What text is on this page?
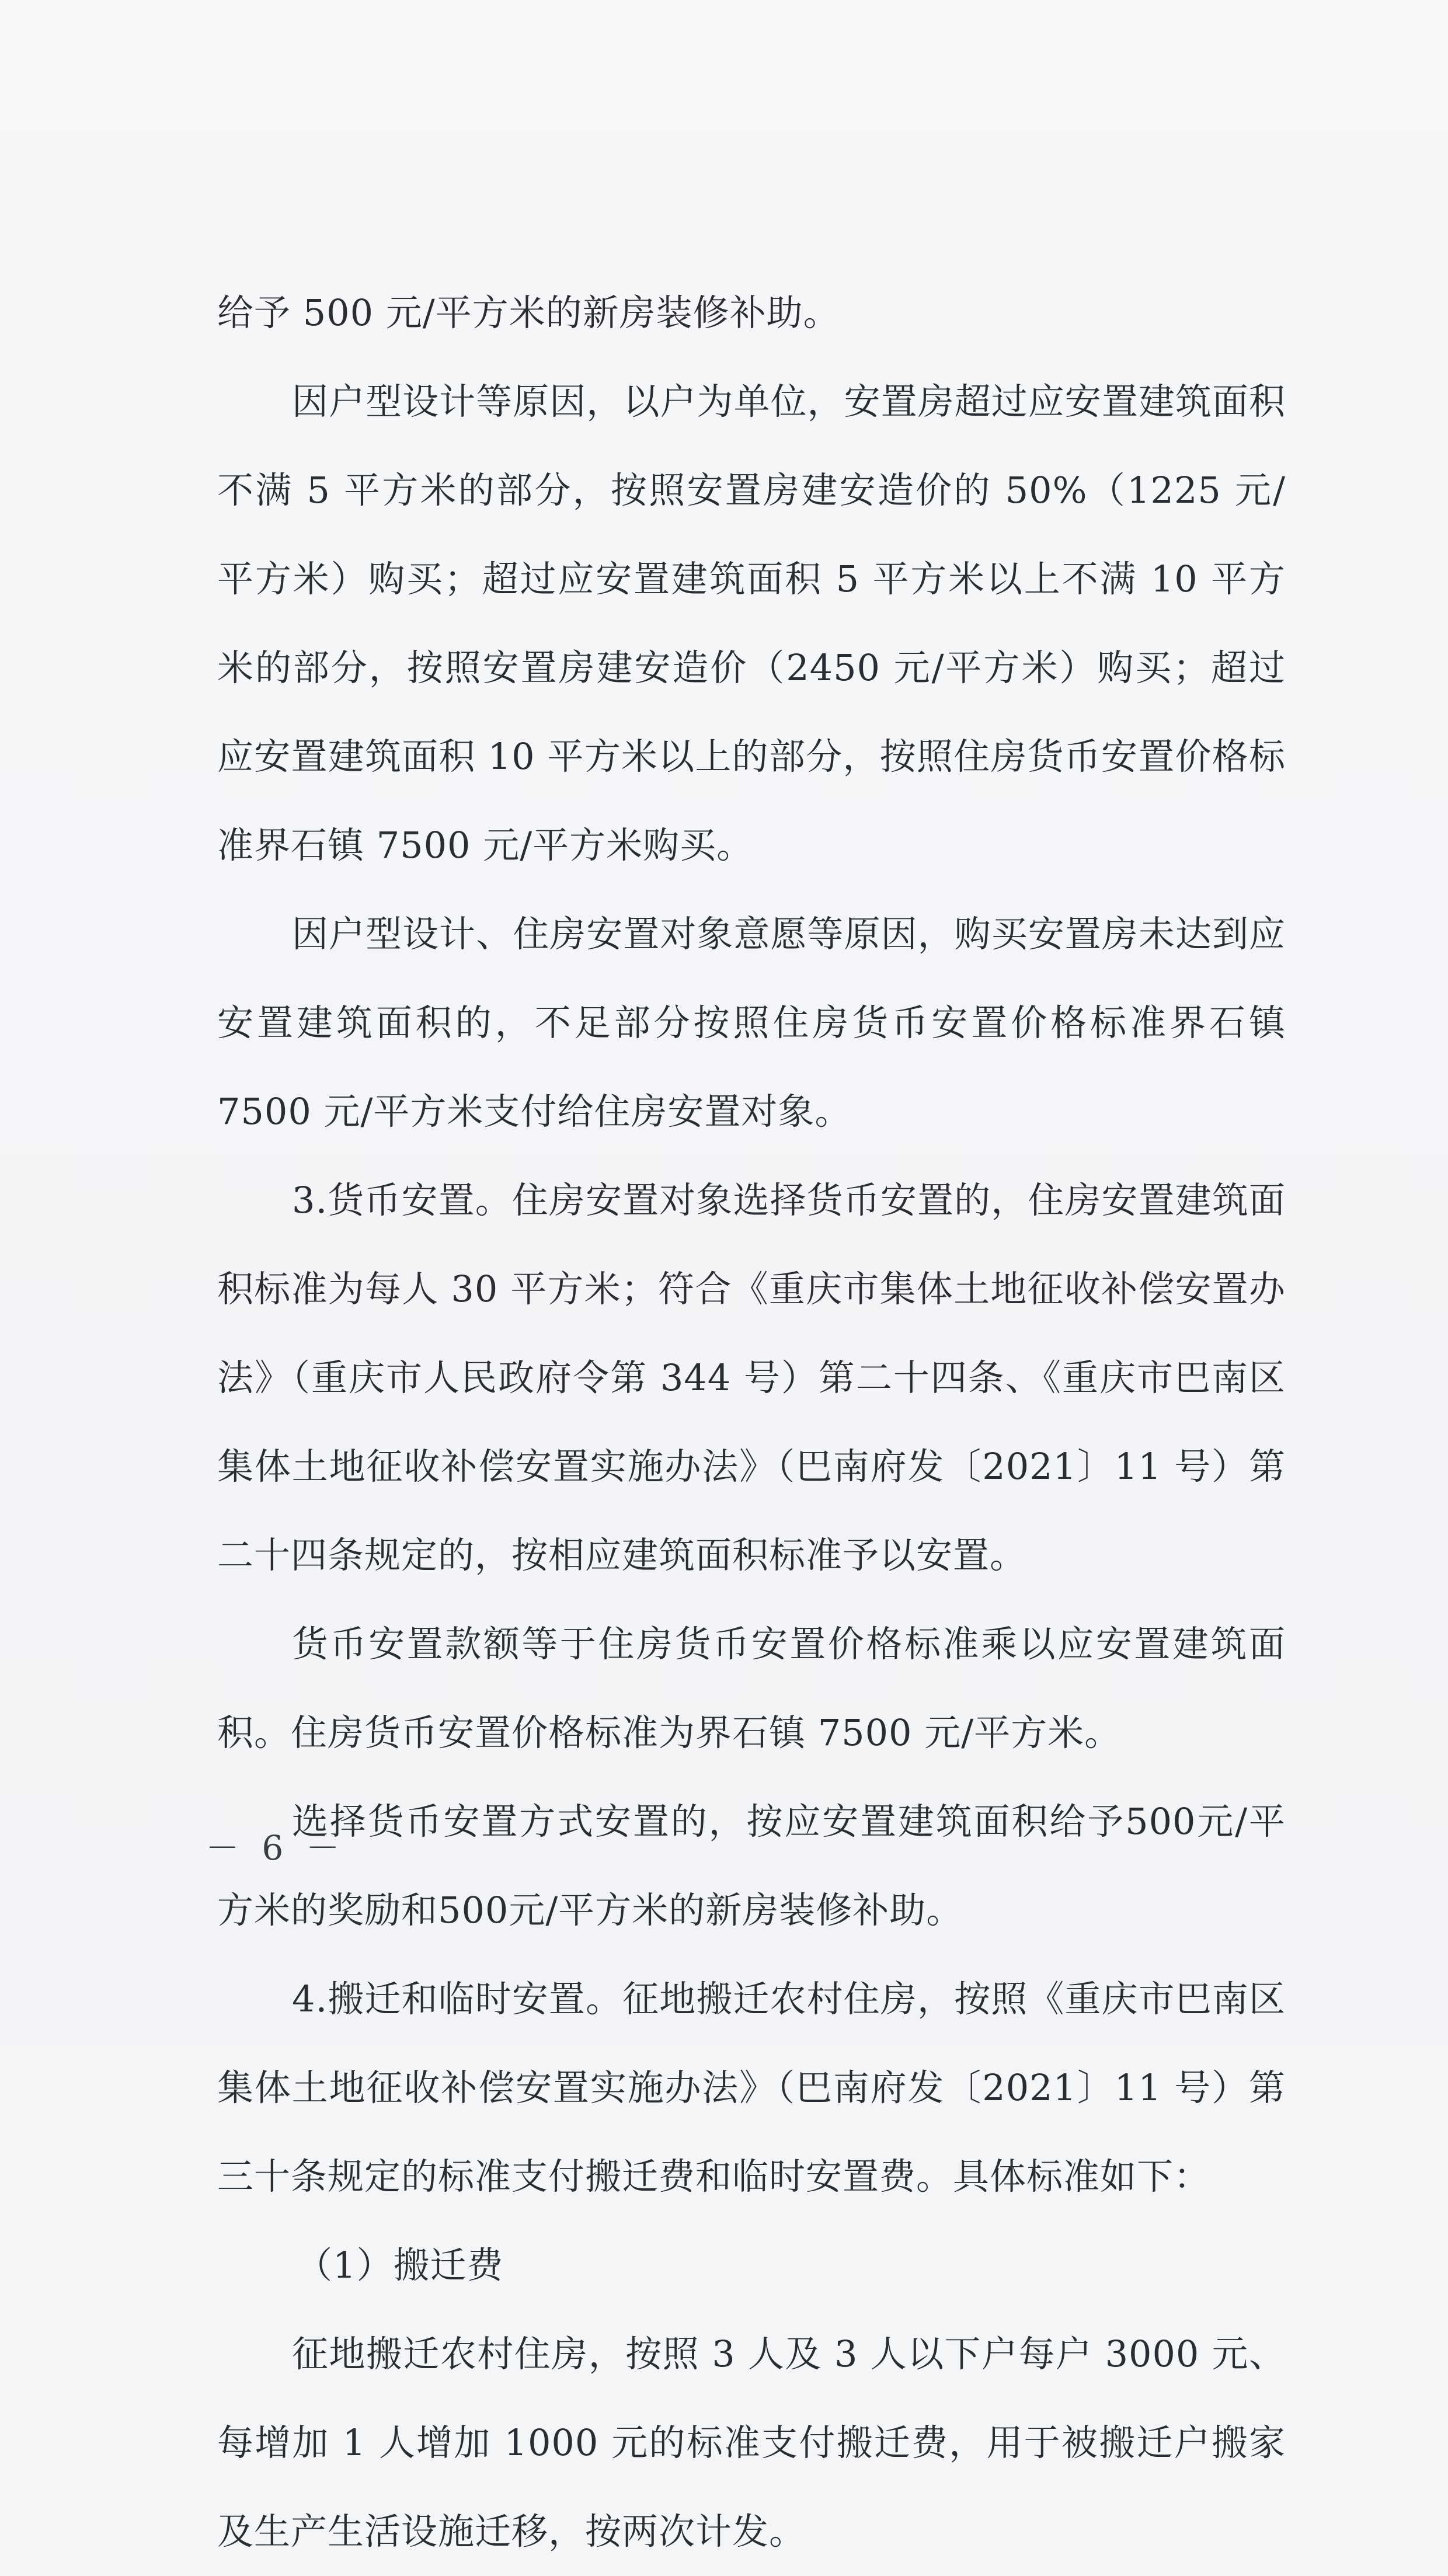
给予 500 元/平方米的新房装修补助。

因户型设计等原因，以户为单位，安置房超过应安置建筑面积不满 5 平方米的部分，按照安置房建安造价的 50%（1225 元/平方米）购买；超过应安置建筑面积 5 平方米以上不满 10 平方米的部分，按照安置房建安造价（2450 元/平方米）购买；超过应安置建筑面积 10 平方米以上的部分，按照住房货币安置价格标准界石镇 7500 元/平方米购买。

因户型设计、住房安置对象意愿等原因，购买安置房未达到应安置建筑面积的，不足部分按照住房货币安置价格标准界石镇 7500 元/平方米支付给住房安置对象。

3.货币安置。住房安置对象选择货币安置的，住房安置建筑面积标准为每人 30 平方米；符合《重庆市集体土地征收补偿安置办法》（重庆市人民政府令第 344 号）第二十四条、《重庆市巴南区集体土地征收补偿安置实施办法》（巴南府发〔2021〕11 号）第二十四条规定的，按相应建筑面积标准予以安置。

货币安置款额等于住房货币安置价格标准乘以应安置建筑面积。住房货币安置价格标准为界石镇 7500 元/平方米。

选择货币安置方式安置的，按应安置建筑面积给予500元/平方米的奖励和500元/平方米的新房装修补助。

4.搬迁和临时安置。征地搬迁农村住房，按照《重庆市巴南区集体土地征收补偿安置实施办法》（巴南府发〔2021〕11 号）第三十条规定的标准支付搬迁费和临时安置费。具体标准如下：

（1）搬迁费

征地搬迁农村住房，按照 3 人及 3 人以下户每户 3000 元、每增加 1 人增加 1000 元的标准支付搬迁费，用于被搬迁户搬家及生产生活设施迁移，按两次计发。

－ 6 －
